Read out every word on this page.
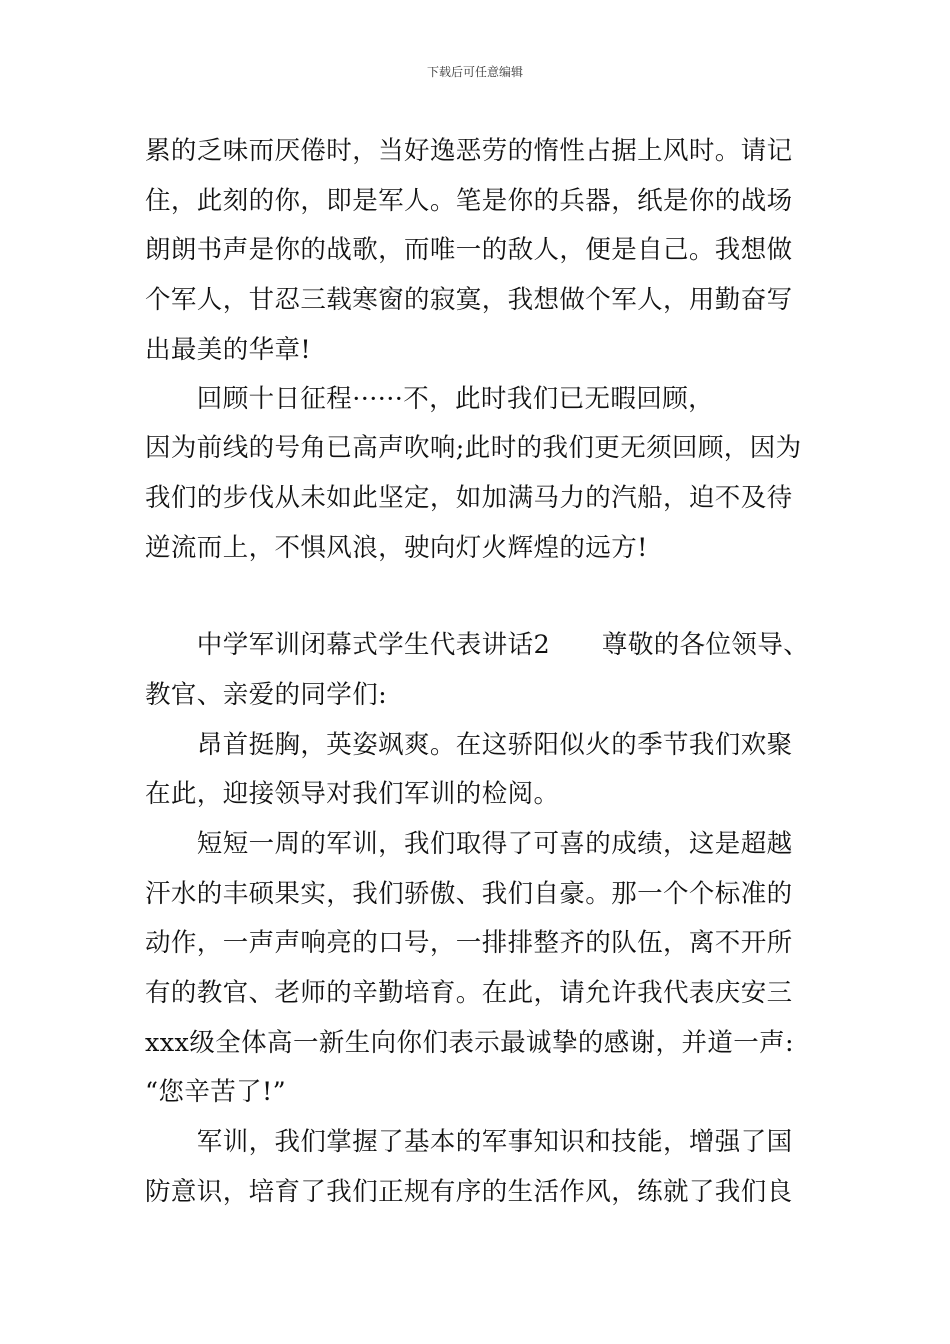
下载后可任意编辑
累的乏味而厌倦时，当好逸恶劳的惰性占据上风时。请记
住，此刻的你，即是军人。笔是你的兵器，纸是你的战场
朗朗书声是你的战歌，而唯一的敌人，便是自己。我想做
个军人，甘忍三载寒窗的寂寞，我想做个军人，用勤奋写
出最美的华章!
　　回顾十日征程······不，此时我们已无暇回顾，
因为前线的号角已高声吹响;此时的我们更无须回顾，因为
我们的步伐从未如此坚定，如加满马力的汽船，迫不及待
逆流而上，不惧风浪，驶向灯火辉煌的远方!
　　中学军训闭幕式学生代表讲话2　　尊敬的各位领导、
教官、亲爱的同学们:
　　昂首挺胸，英姿飒爽。在这骄阳似火的季节我们欢聚
在此，迎接领导对我们军训的检阅。
　　短短一周的军训，我们取得了可喜的成绩，这是超越
汗水的丰硕果实，我们骄傲、我们自豪。那一个个标准的
动作，一声声响亮的口号，一排排整齐的队伍，离不开所
有的教官、老师的辛勤培育。在此，请允许我代表庆安三
xxx级全体高一新生向你们表示最诚挚的感谢，并道一声:
“您辛苦了!”
　　军训，我们掌握了基本的军事知识和技能，增强了国
防意识，培育了我们正规有序的生活作风，练就了我们良
